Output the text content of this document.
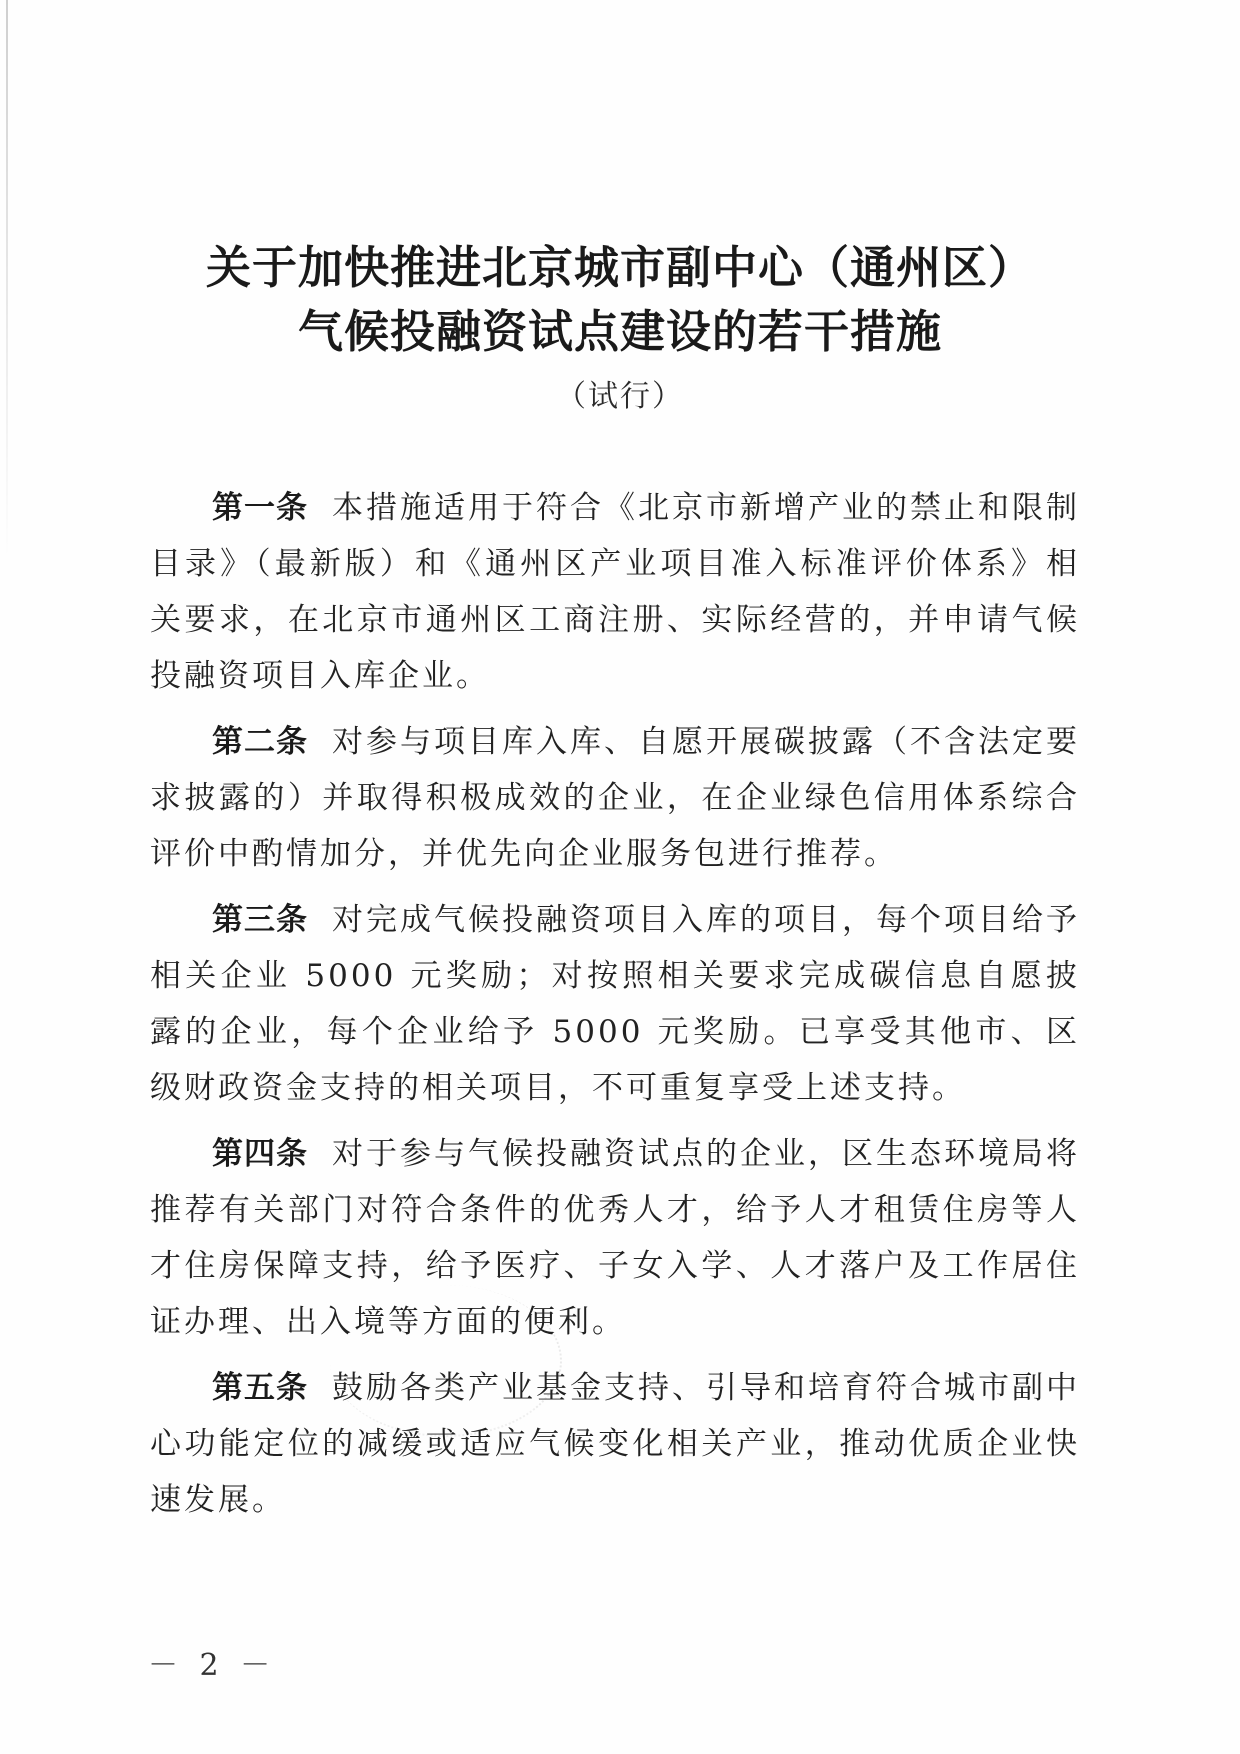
关于加快推进北京城市副中心（通州区）
气候投融资试点建设的若干措施
（试行）

第一条 本措施适用于符合《北京市新增产业的禁止和限制目录》（最新版）和《通州区产业项目准入标准评价体系》相关要求，在北京市通州区工商注册、实际经营的，并申请气候投融资项目入库企业。

第二条 对参与项目库入库、自愿开展碳披露（不含法定要求披露的）并取得积极成效的企业，在企业绿色信用体系综合评价中酌情加分，并优先向企业服务包进行推荐。

第三条 对完成气候投融资项目入库的项目，每个项目给予相关企业 5000 元奖励；对按照相关要求完成碳信息自愿披露的企业，每个企业给予 5000 元奖励。已享受其他市、区级财政资金支持的相关项目，不可重复享受上述支持。

第四条 对于参与气候投融资试点的企业，区生态环境局将推荐有关部门对符合条件的优秀人才，给予人才租赁住房等人才住房保障支持，给予医疗、子女入学、人才落户及工作居住证办理、出入境等方面的便利。

第五条 鼓励各类产业基金支持、引导和培育符合城市副中心功能定位的减缓或适应气候变化相关产业，推动优质企业快速发展。

－ 2 －
